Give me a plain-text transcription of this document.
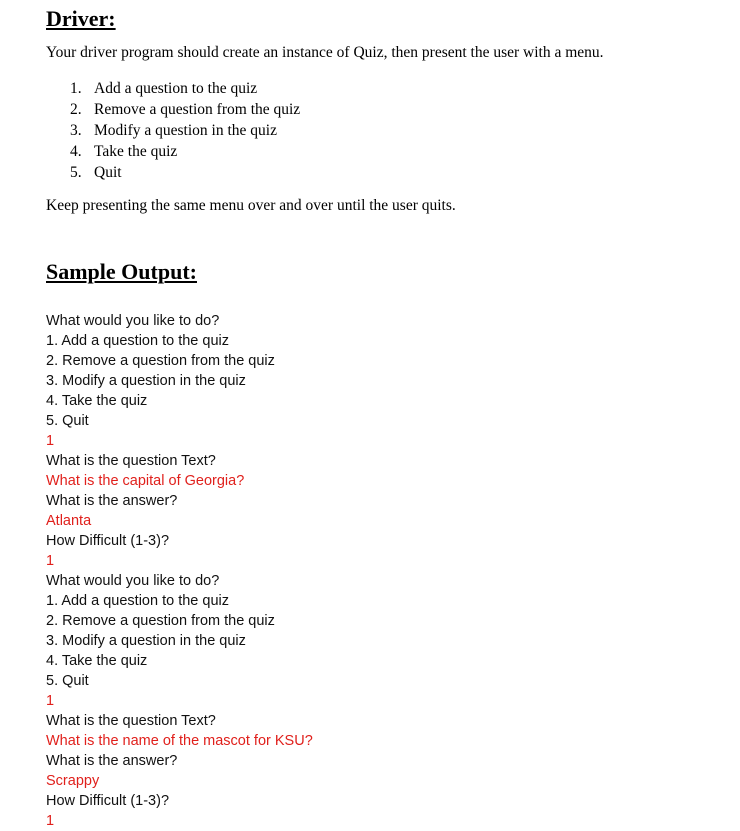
Driver:

Your driver program should create an instance of Quiz, then present the user with a menu.

1. Add a question to the quiz
2. Remove a question from the quiz
3. Modify a question in the quiz
4. Take the quiz
5. Quit

Keep presenting the same menu over and over until the user quits.

Sample Output:
What would you like to do?
1. Add a question to the quiz
2. Remove a question from the quiz
3. Modify a question in the quiz
4. Take the quiz
5. Quit
1
What is the question Text?
What is the capital of Georgia?
What is the answer?
Atlanta
How Difficult (1-3)?
1
What would you like to do?
1. Add a question to the quiz
2. Remove a question from the quiz
3. Modify a question in the quiz
4. Take the quiz
5. Quit
1
What is the question Text?
What is the name of the mascot for KSU?
What is the answer?
Scrappy
How Difficult (1-3)?
1
